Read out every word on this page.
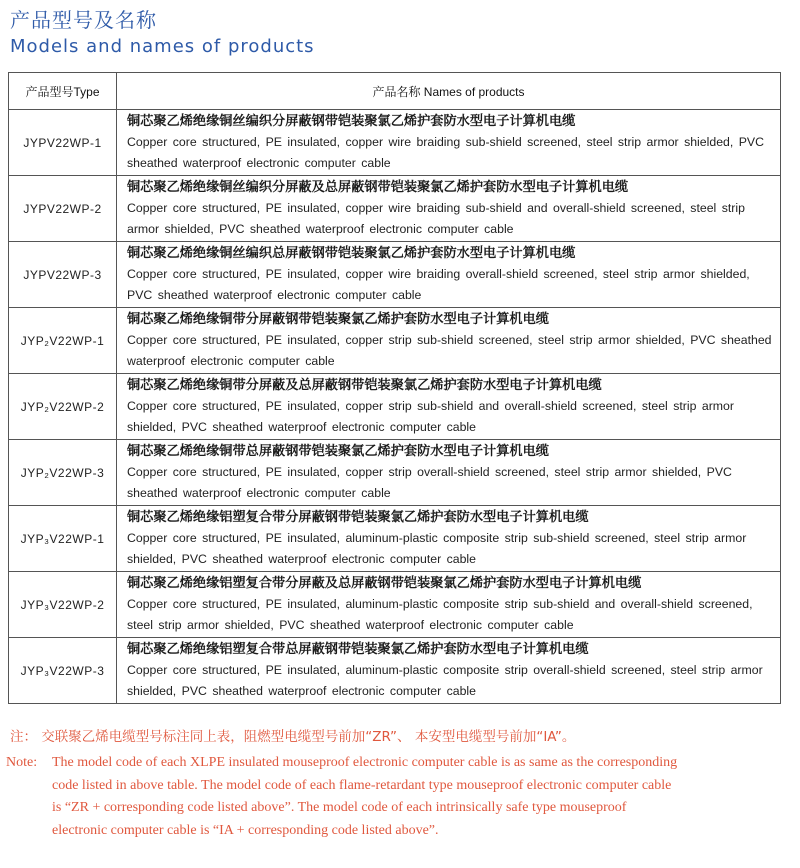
产品型号及名称
Models and names of products
产品型号Type	产品名称 Names of products
JYPV22WP-1	铜芯聚乙烯绝缘铜丝编织分屏蔽钢带铠装聚氯乙烯护套防水型电子计算机电缆
Copper core structured, PE insulated, copper wire braiding sub-shield screened, steel strip armor shielded, PVC sheathed waterproof electronic computer cable

JYPV22WP-2	铜芯聚乙烯绝缘铜丝编织分屏蔽及总屏蔽钢带铠装聚氯乙烯护套防水型电子计算机电缆
Copper core structured, PE insulated, copper wire braiding sub-shield and overall-shield screened, steel strip armor shielded, PVC sheathed waterproof electronic computer cable

JYPV22WP-3	铜芯聚乙烯绝缘铜丝编织总屏蔽钢带铠装聚氯乙烯护套防水型电子计算机电缆
Copper core structured, PE insulated, copper wire braiding overall-shield screened, steel strip armor shielded, PVC sheathed waterproof electronic computer cable

JYP₂V22WP-1	铜芯聚乙烯绝缘铜带分屏蔽钢带铠装聚氯乙烯护套防水型电子计算机电缆
Copper core structured, PE insulated, copper strip sub-shield screened, steel strip armor shielded, PVC sheathed waterproof electronic computer cable

JYP₂V22WP-2	铜芯聚乙烯绝缘铜带分屏蔽及总屏蔽钢带铠装聚氯乙烯护套防水型电子计算机电缆
Copper core structured, PE insulated, copper strip sub-shield and overall-shield screened, steel strip armor shielded, PVC sheathed waterproof electronic computer cable

JYP₂V22WP-3	铜芯聚乙烯绝缘铜带总屏蔽钢带铠装聚氯乙烯护套防水型电子计算机电缆
Copper core structured, PE insulated, copper strip overall-shield screened, steel strip armor shielded, PVC sheathed waterproof electronic computer cable

JYP₃V22WP-1	铜芯聚乙烯绝缘铝塑复合带分屏蔽钢带铠装聚氯乙烯护套防水型电子计算机电缆
Copper core structured, PE insulated, aluminum-plastic composite strip sub-shield screened, steel strip armor shielded, PVC sheathed waterproof electronic computer cable

JYP₃V22WP-2	铜芯聚乙烯绝缘铝塑复合带分屏蔽及总屏蔽钢带铠装聚氯乙烯护套防水型电子计算机电缆
Copper core structured, PE insulated, aluminum-plastic composite strip sub-shield and overall-shield screened, steel strip armor shielded, PVC sheathed waterproof electronic computer cable

JYP₃V22WP-3	铜芯聚乙烯绝缘铝塑复合带总屏蔽钢带铠装聚氯乙烯护套防水型电子计算机电缆
Copper core structured, PE insulated, aluminum-plastic composite strip overall-shield screened, steel strip armor shielded, PVC sheathed waterproof electronic computer cable
注： 交联聚乙烯电缆型号标注同上表，阻燃型电缆型号前加“ZR”、 本安型电缆型号前加“IA”。
Note: The model code of each XLPE insulated mouseproof electronic computer cable is as same as the corresponding
code listed in above table. The model code of each flame-retardant type mouseproof electronic computer cable
is “ZR + corresponding code listed above”. The model code of each intrinsically safe type mouseproof
electronic computer cable is “IA + corresponding code listed above”.
